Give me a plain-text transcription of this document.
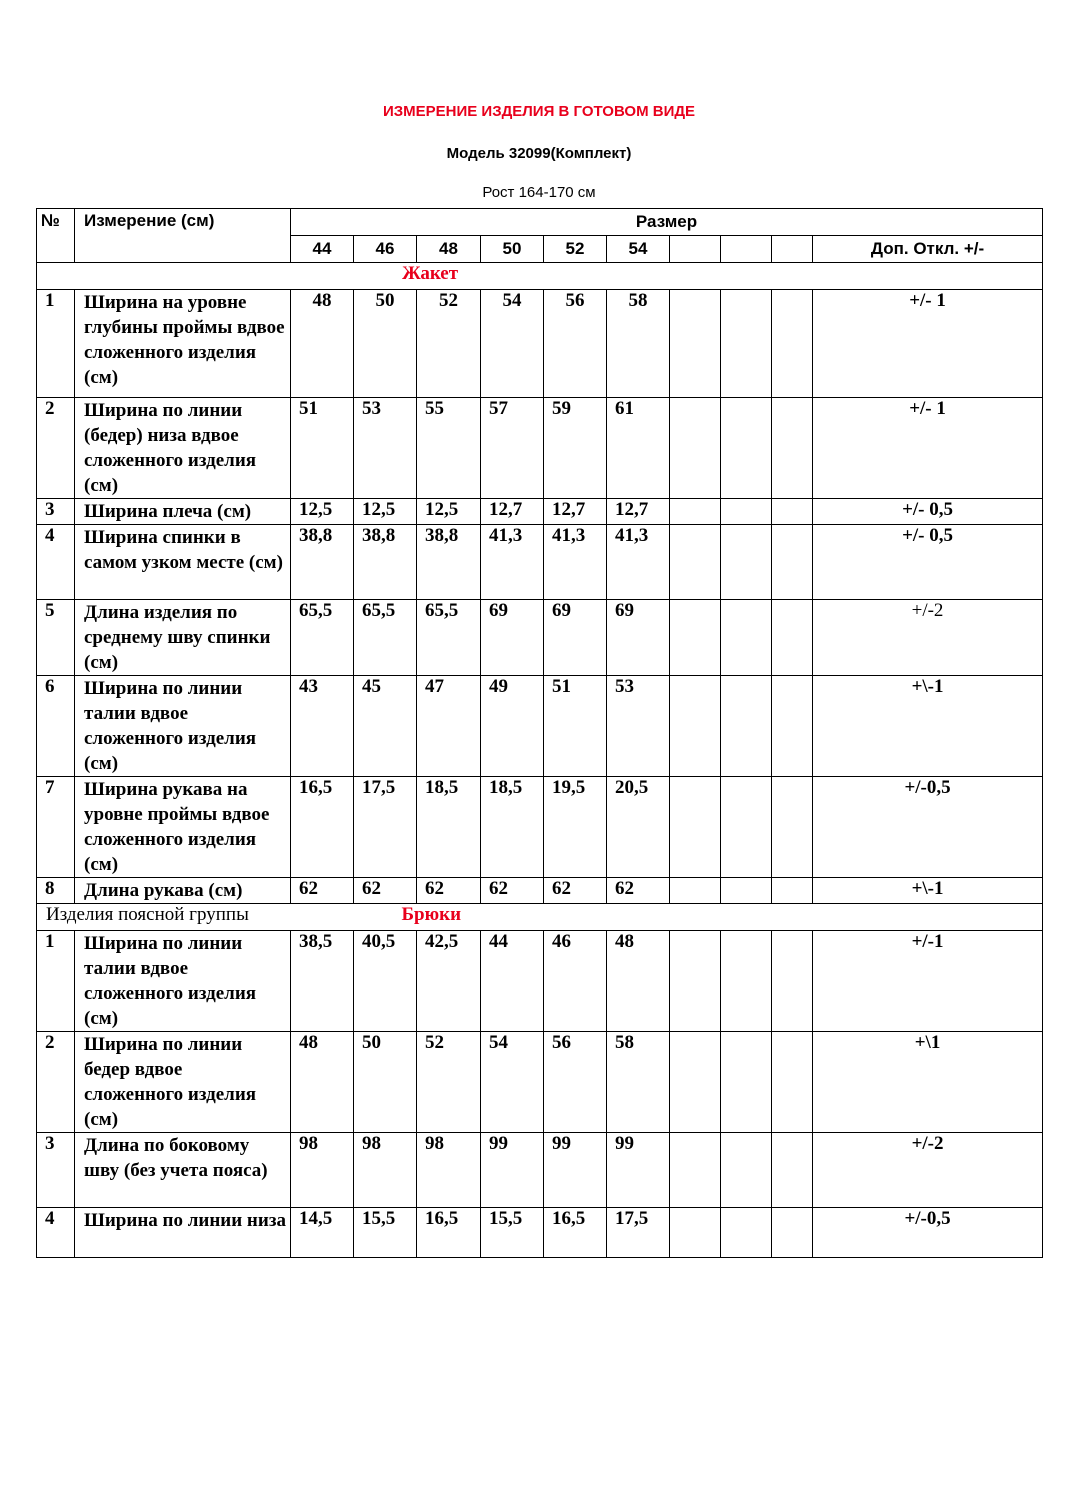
ИЗМЕРЕНИЕ ИЗДЕЛИЯ В ГОТОВОМ ВИДЕ
Модель 32099(Комплект)
Рост 164-170 см
№	Измерение (см)	Размер									
		44	46	48	50	52	54				Доп. Откл. +/-
Жакет											
1	Ширина на уровне глубины проймы вдвое сложенного изделия (см)	48	50	52	54	56	58				+/- 1
2	Ширина по линии (бедер) низа вдвое сложенного изделия (см)	51	53	55	57	59	61				+/- 1
3	Ширина плеча (см)	12,5	12,5	12,5	12,7	12,7	12,7				+/- 0,5
4	Ширина спинки в самом узком месте (см)	38,8	38,8	38,8	41,3	41,3	41,3				+/- 0,5
5	Длина изделия по среднему шву спинки (см)	65,5	65,5	65,5	69	69	69				+/-2
6	Ширина по линии талии вдвое сложенного изделия (см)	43	45	47	49	51	53				+\-1
7	Ширина рукава на уровне проймы вдвое сложенного изделия (см)	16,5	17,5	18,5	18,5	19,5	20,5				+/-0,5
8	Длина рукава (см)	62	62	62	62	62	62				+\-1
Изделия поясной группы Брюки											

1	Ширина по линии талии вдвое сложенного изделия (см)	38,5	40,5	42,5	44	46	48				+/-1
2	Ширина по линии бедер вдвое сложенного изделия (см)	48	50	52	54	56	58				+\1
3	Длина по боковому шву (без учета пояса)	98	98	98	99	99	99				+/-2
4	Ширина по линии низа	14,5	15,5	16,5	15,5	16,5	17,5				+/-0,5
